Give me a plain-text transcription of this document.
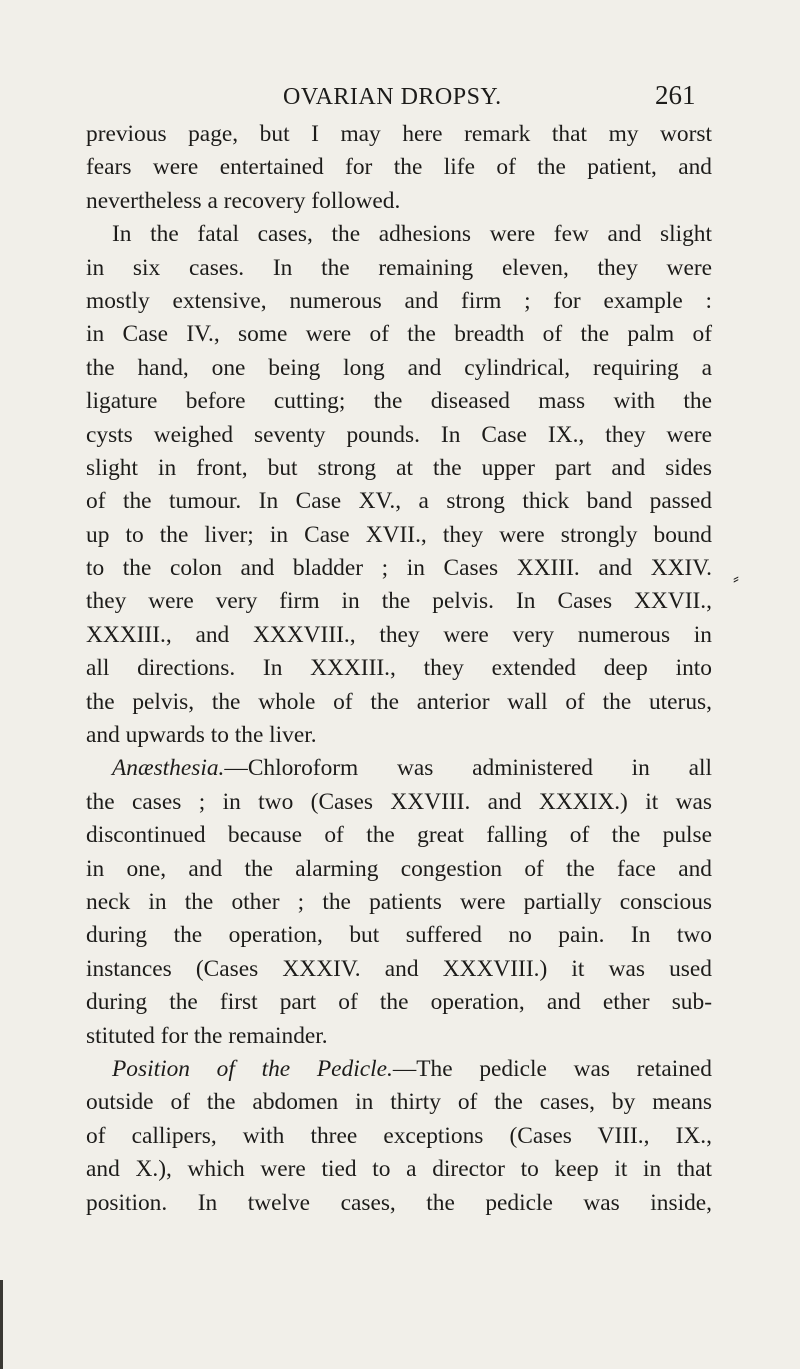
OVARIAN DROPSY.	261
previous page, but I may here remark that my worst
fears were entertained for the life of the patient, and
nevertheless a recovery followed.
In the fatal cases, the adhesions were few and slight
in six cases. In the remaining eleven, they were
mostly extensive, numerous and firm ; for example :
in Case IV., some were of the breadth of the palm of
the hand, one being long and cylindrical, requiring a
ligature before cutting; the diseased mass with the
cysts weighed seventy pounds. In Case IX., they were
slight in front, but strong at the upper part and sides
of the tumour. In Case XV., a strong thick band passed
up to the liver; in Case XVII., they were strongly bound
to the colon and bladder ; in Cases XXIII. and XXIV.
they were very firm in the pelvis. In Cases XXVII.,
XXXIII., and XXXVIII., they were very numerous in
all directions. In XXXIII., they extended deep into
the pelvis, the whole of the anterior wall of the uterus,
and upwards to the liver.
Anæsthesia.—Chloroform was administered in all
the cases ; in two (Cases XXVIII. and XXXIX.) it was
discontinued because of the great falling of the pulse
in one, and the alarming congestion of the face and
neck in the other ; the patients were partially conscious
during the operation, but suffered no pain. In two
instances (Cases XXXIV. and XXXVIII.) it was used
during the first part of the operation, and ether sub-
stituted for the remainder.
Position of the Pedicle.—The pedicle was retained
outside of the abdomen in thirty of the cases, by means
of callipers, with three exceptions (Cases VIII., IX.,
and X.), which were tied to a director to keep it in that
position. In twelve cases, the pedicle was inside,
⸗
